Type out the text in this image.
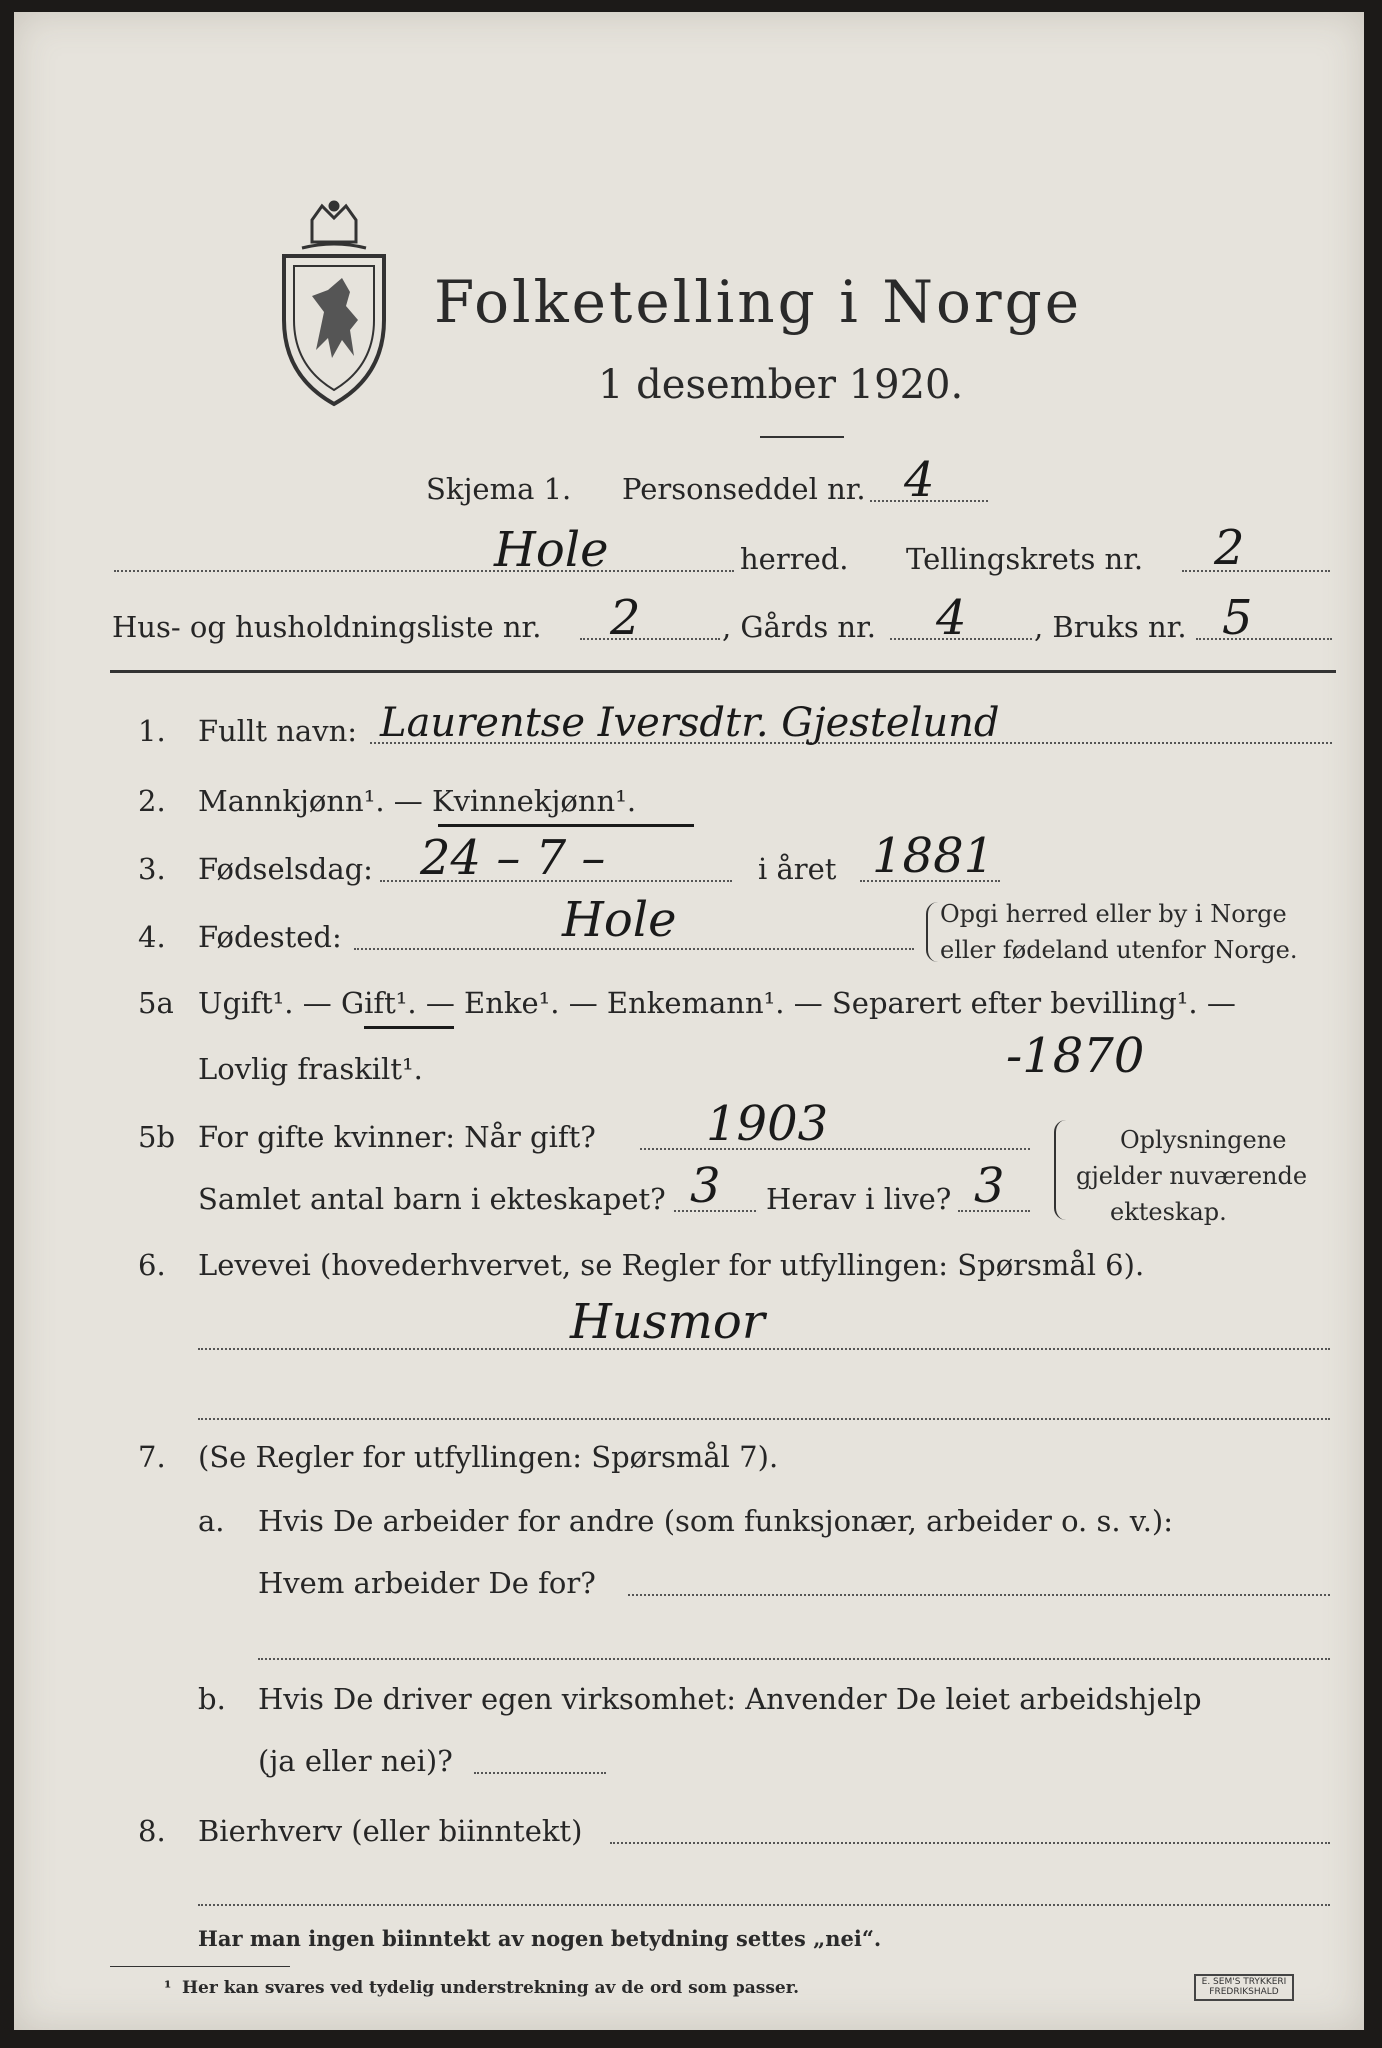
Folketelling i Norge
1 desember 1920.
Skjema 1. Personseddel nr. 4
Hole	herred. Tellingskrets nr. 2
Hus- og husholdningsliste nr. 2	, Gårds nr. 4 , Bruks nr. 5
1. Fullt navn: Laurentse Iversdtr. Gjestelund
2. Mannkjønn¹. — Kvinnekjønn¹.
3. Fødselsdag: 24 – 7 –	i året 1881
4. Fødested:	Hole	Opgi herred eller by i Norge
eller fødeland utenfor Norge.
5a Ugift¹. — Gift¹. — Enke¹. — Enkemann¹. — Separert efter bevilling¹. —
Lovlig fraskilt¹.	-1870
5b For gifte kvinner: Når gift? 1903
Samlet antal barn i ekteskapet? 3 Herav i live? 3
Oplysningene
gjelder nuværende
ekteskap.
6. Levevei (hovederhvervet, se Regler for utfyllingen: Spørsmål 6).
Husmor
7. (Se Regler for utfyllingen: Spørsmål 7).
a. Hvis De arbeider for andre (som funksjonær, arbeider o. s. v.):
Hvem arbeider De for?
b. Hvis De driver egen virksomhet: Anvender De leiet arbeidshjelp
(ja eller nei)?
8. Bierhverv (eller biinntekt)
Har man ingen biinntekt av nogen betydning settes „nei“.
¹ Her kan svares ved tydelig understrekning av de ord som passer.	E. SEM'S TRYKKERI FREDRIKSHALD
